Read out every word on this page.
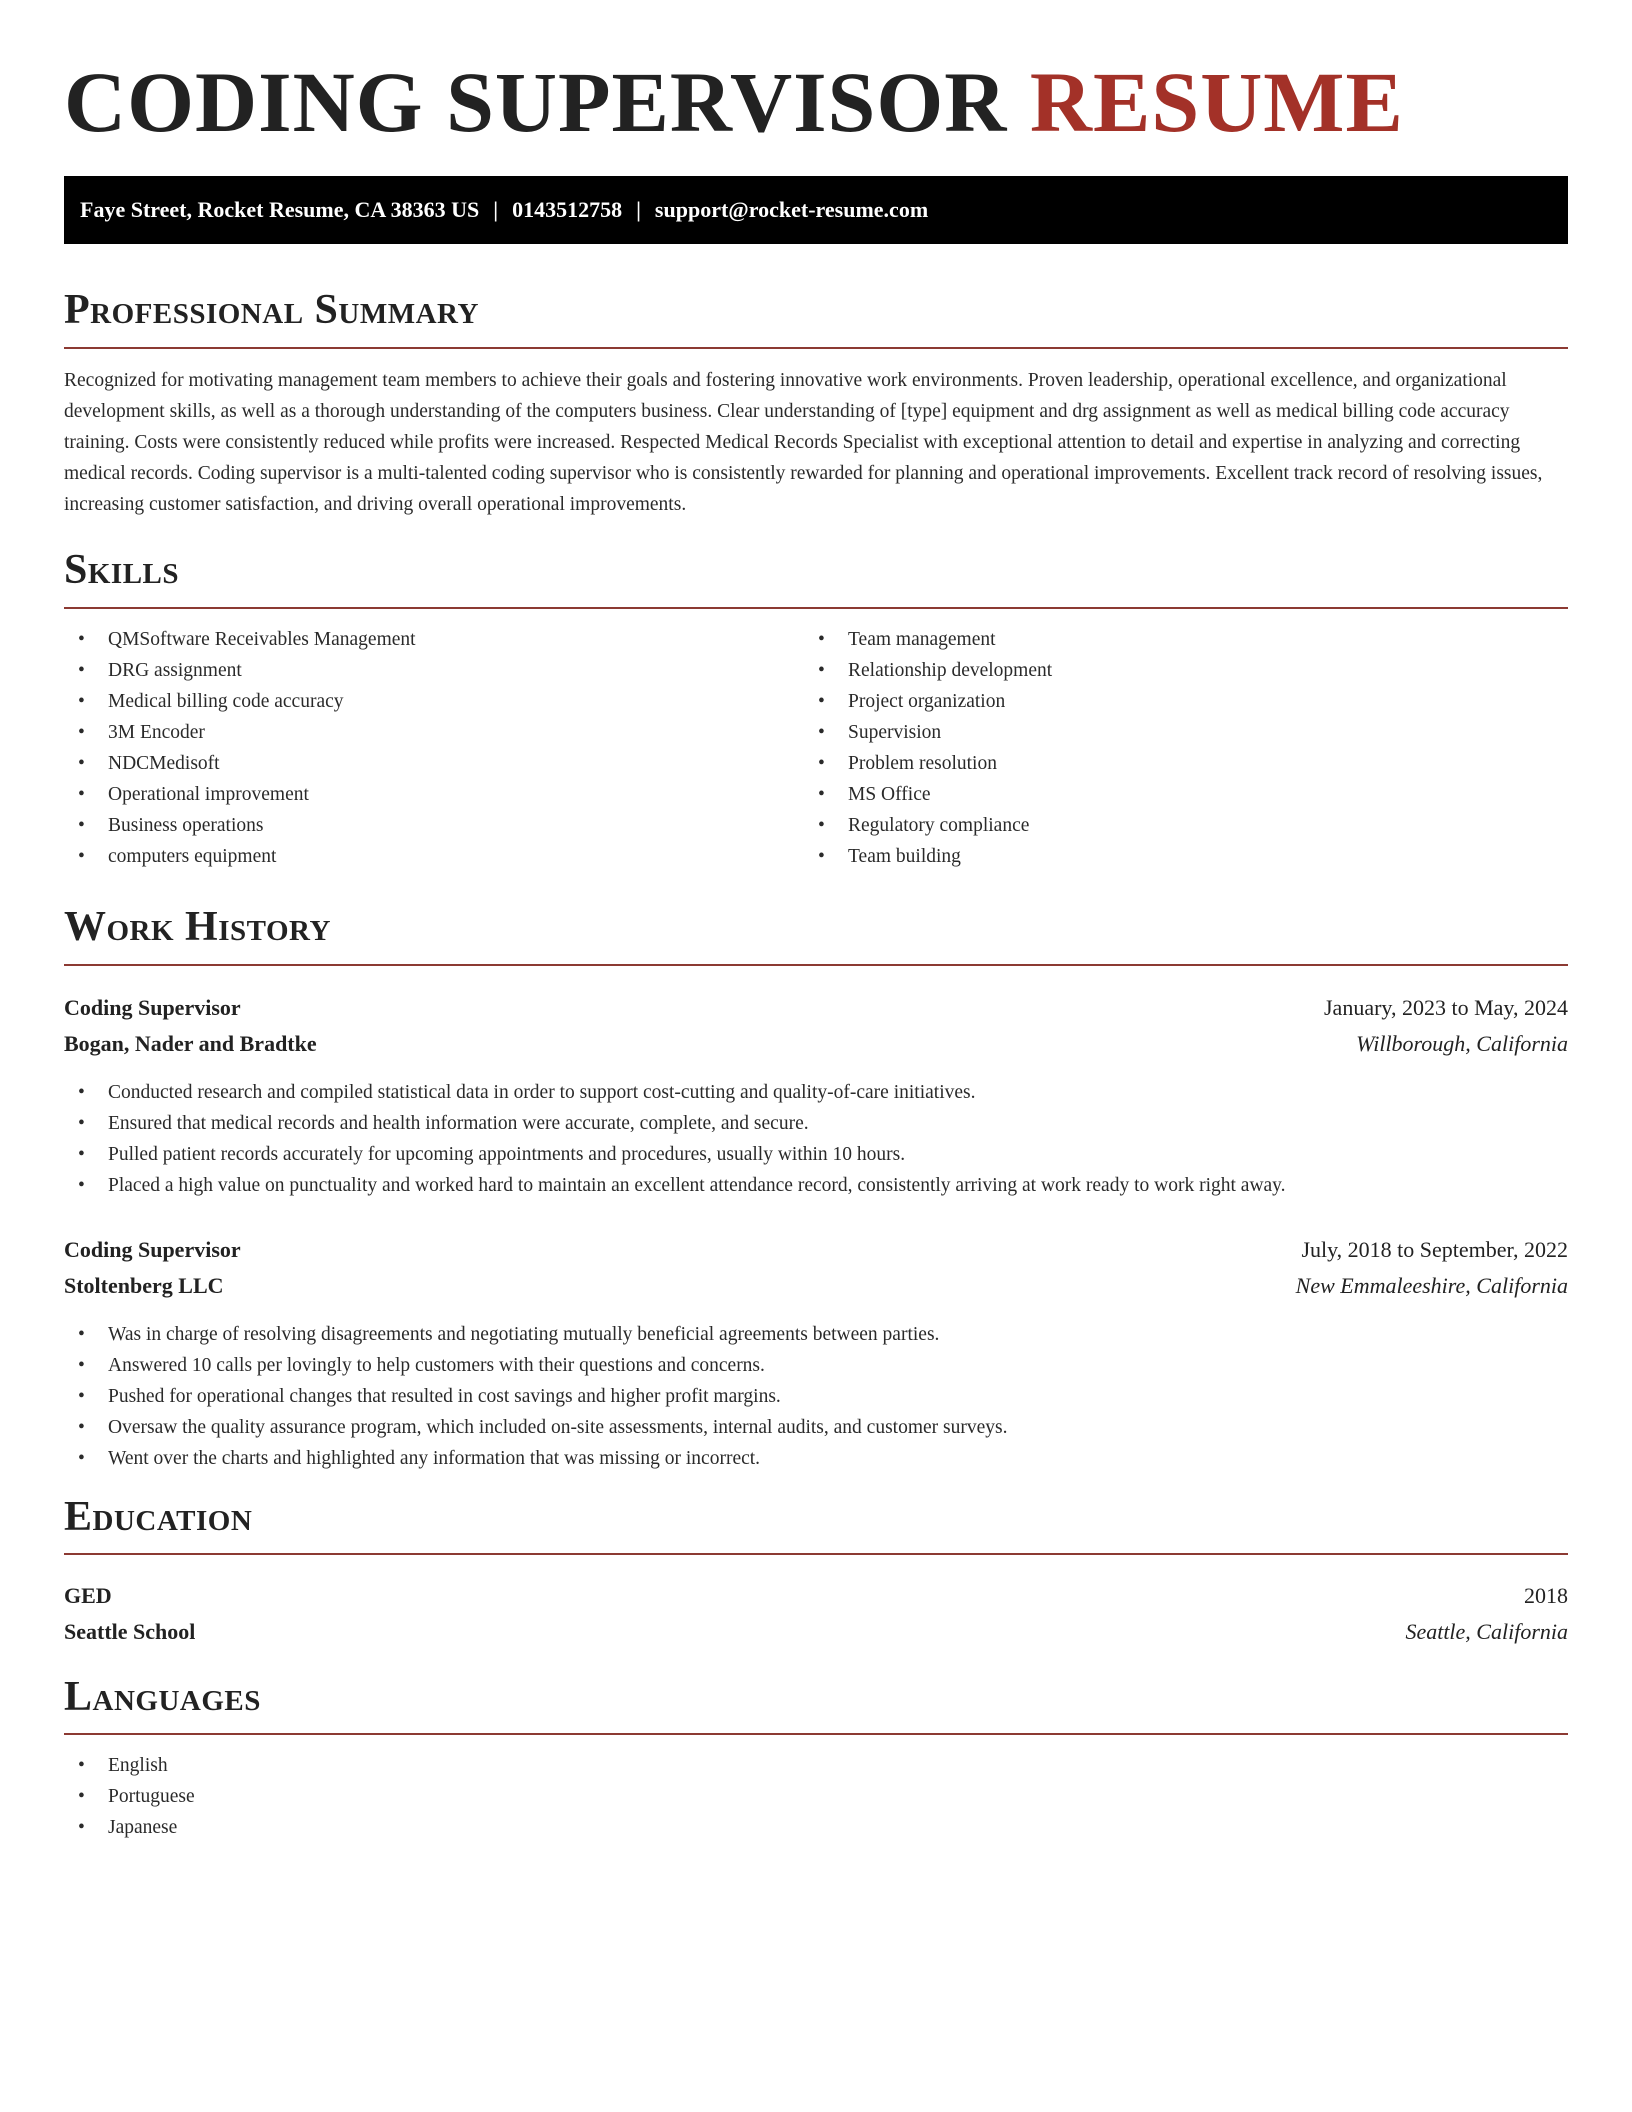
CODING SUPERVISOR RESUME
Faye Street, Rocket Resume, CA 38363 US | 0143512758 | support@rocket-resume.com
Professional Summary

Recognized for motivating management team members to achieve their goals and fostering innovative work environments. Proven leadership, operational excellence, and organizational development skills, as well as a thorough understanding of the computers business. Clear understanding of [type] equipment and drg assignment as well as medical billing code accuracy training. Costs were consistently reduced while profits were increased. Respected Medical Records Specialist with exceptional attention to detail and expertise in analyzing and correcting medical records. Coding supervisor is a multi-talented coding supervisor who is consistently rewarded for planning and operational improvements. Excellent track record of resolving issues, increasing customer satisfaction, and driving overall operational improvements.

Skills
• QMSoftware Receivables Management
• DRG assignment
• Medical billing code accuracy
• 3M Encoder
• NDCMedisoft
• Operational improvement
• Business operations
• computers equipment
• Team management
• Relationship development
• Project organization
• Supervision
• Problem resolution
• MS Office
• Regulatory compliance
• Team building
Work History
Coding Supervisor	January, 2023 to May, 2024
Bogan, Nader and Bradtke	Willborough, California
• Conducted research and compiled statistical data in order to support cost-cutting and quality-of-care initiatives.
• Ensured that medical records and health information were accurate, complete, and secure.
• Pulled patient records accurately for upcoming appointments and procedures, usually within 10 hours.
• Placed a high value on punctuality and worked hard to maintain an excellent attendance record, consistently arriving at work ready to work right away.
Coding Supervisor	July, 2018 to September, 2022
Stoltenberg LLC	New Emmaleeshire, California
• Was in charge of resolving disagreements and negotiating mutually beneficial agreements between parties.
• Answered 10 calls per lovingly to help customers with their questions and concerns.
• Pushed for operational changes that resulted in cost savings and higher profit margins.
• Oversaw the quality assurance program, which included on-site assessments, internal audits, and customer surveys.
• Went over the charts and highlighted any information that was missing or incorrect.
Education
GED	2018
Seattle School	Seattle, California
Languages
• English
• Portuguese
• Japanese
